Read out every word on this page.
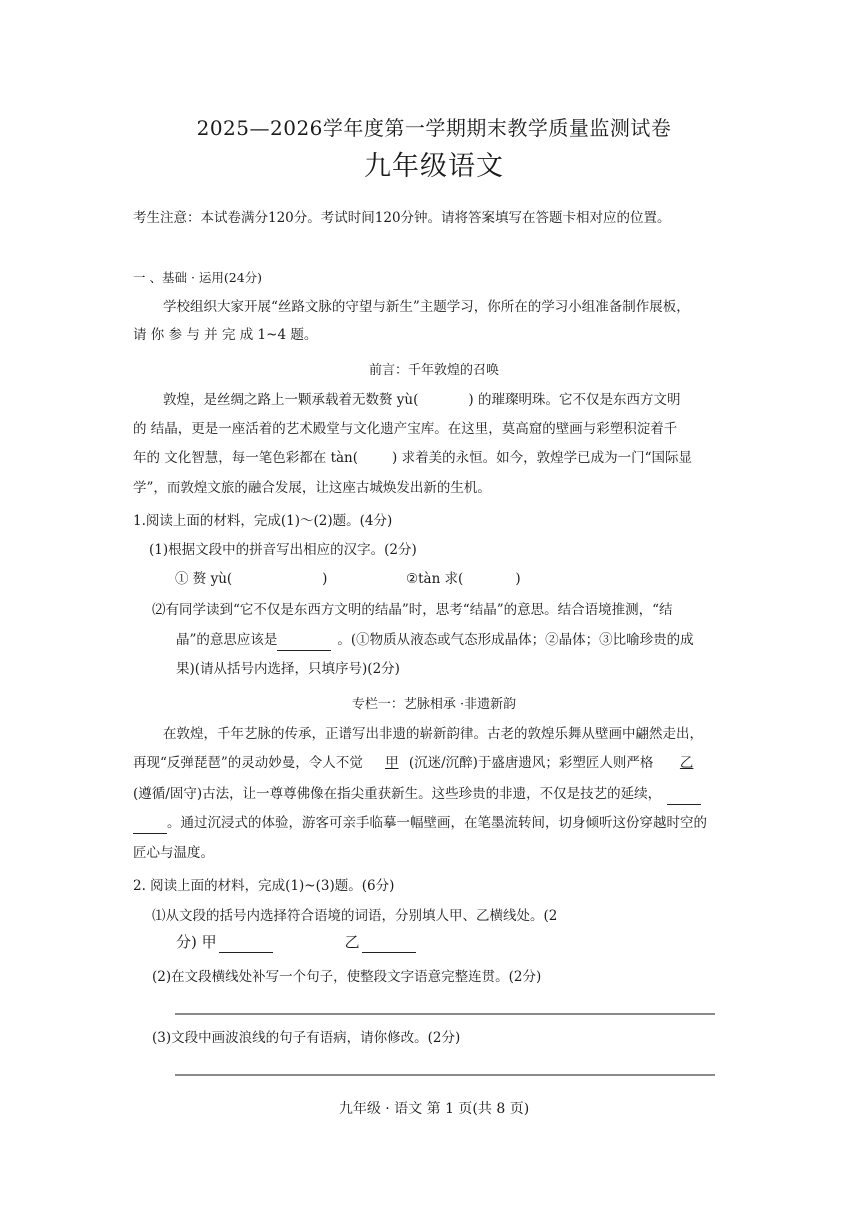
2025—2026学年度第一学期期末教学质量监测试卷
九年级语文
考生注意：本试卷满分120分。考试时间120分钟。请将答案填写在答题卡相对应的位置。
一 、基础 · 运用(24分)
学校组织大家开展“丝路文脉的守望与新生”主题学习，你所在的学习小组准备制作展板，
请 你 参 与 并 完 成 1~4 题。
前言：千年敦煌的召唤
敦煌，是丝绸之路上一颗承载着无数赘 yù(	) 的璀璨明珠。它不仅是东西方文明
的 结晶，更是一座活着的艺术殿堂与文化遗产宝库。在这里，莫高窟的壁画与彩塑积淀着千
年的 文化智慧，每一笔色彩都在 tàn(	) 求着美的永恒。如今，敦煌学已成为一门“国际显
学”，而敦煌文旅的融合发展，让这座古城焕发出新的生机。
1.阅读上面的材料，完成(1)～(2)题。(4分)
(1)根据文段中的拼音写出相应的汉字。(2分)
① 赘 yù(	)	②tàn 求(	)
⑵有同学读到“它不仅是东西方文明的结晶”时，思考“结晶”的意思。结合语境推测，“结
晶”的意思应该是	。(①物质从液态或气态形成晶体；②晶体；③比喻珍贵的成
果)(请从括号内选择，只填序号)(2分)
专栏一：艺脉相承 ·非遗新韵
在敦煌，千年艺脉的传承，正谱写出非遗的崭新韵律。古老的敦煌乐舞从壁画中翩然走出，
再现“反弹琵琶”的灵动妙曼，令人不觉 甲 (沉迷/沉醉)于盛唐遗风；彩塑匠人则严格 乙
(遵循/固守)古法，让一尊尊佛像在指尖重获新生。这些珍贵的非遗，不仅是技艺的延续，
。通过沉浸式的体验，游客可亲手临摹一幅壁画，在笔墨流转间，切身倾听这份穿越时空的
匠心与温度。
2. 阅读上面的材料，完成(1)~(3)题。(6分)
⑴从文段的括号内选择符合语境的词语，分别填人甲、乙横线处。(2
分) 甲	乙
(2)在文段横线处补写一个句子，使整段文字语意完整连贯。(2分)
(3)文段中画波浪线的句子有语病，请你修改。(2分)
九年级 · 语文 第 1 页(共 8 页)
